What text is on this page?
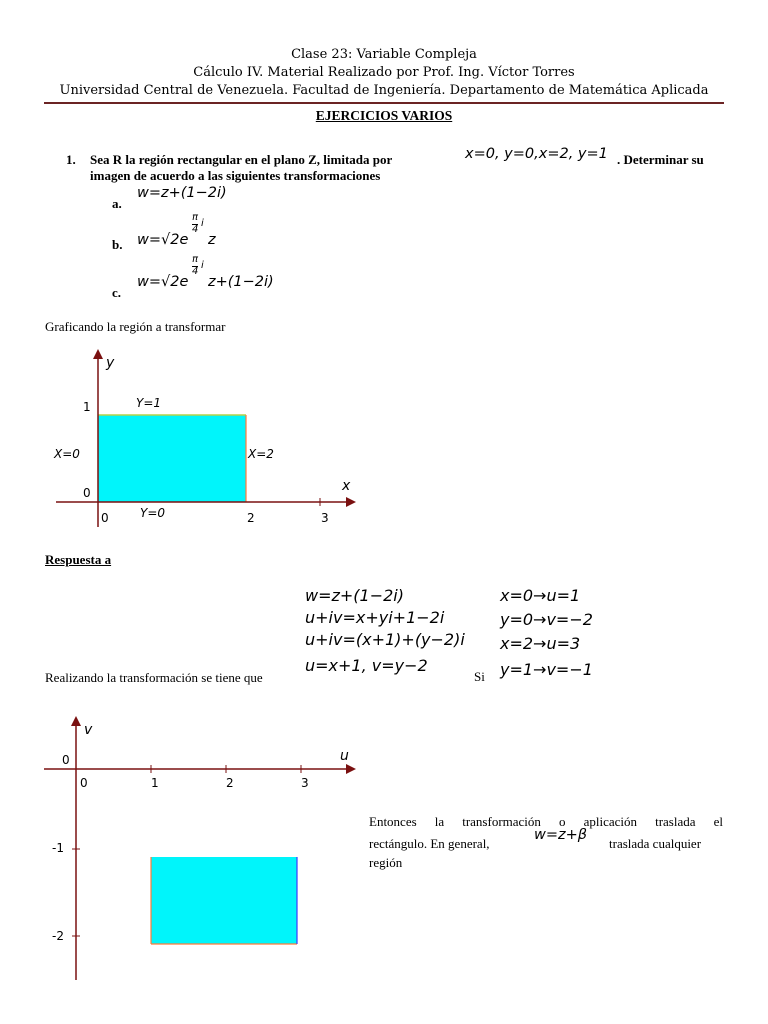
Clase 23: Variable Compleja
Cálculo IV. Material Realizado por Prof. Ing. Víctor Torres
Universidad Central de Venezuela. Facultad de Ingeniería. Departamento de Matemática Aplicada
EJERCICIOS VARIOS
1. Sea R la región rectangular en el plano Z, limitada por	x=0, y=0,x=2, y=1 . Determinar su
imagen de acuerdo a las siguientes transformaciones
a.
w=z+(1−2i)
b. w=√2e
π
4
i
z
c.
w=√2e
π
4
i
z+(1−2i)
Graficando la región a transformar
y
x
1
0
Y=1
X=0	X=2
Y=0
0	2	3
Respuesta a
w=z+(1−2i)
u+iv=x+yi+1−2i
u+iv=(x+1)+(y−2)i
u=x+1, v=y−2
Realizando la transformación se tiene que	Si
x=0→u=1
y=0→v=−2
x=2→u=3
y=1→v=−1
v
u
0
-1
-2
0	1	2	3
Entonces la transformación o aplicación traslada el
rectángulo. En general,
w=z+β
traslada cualquier
región
